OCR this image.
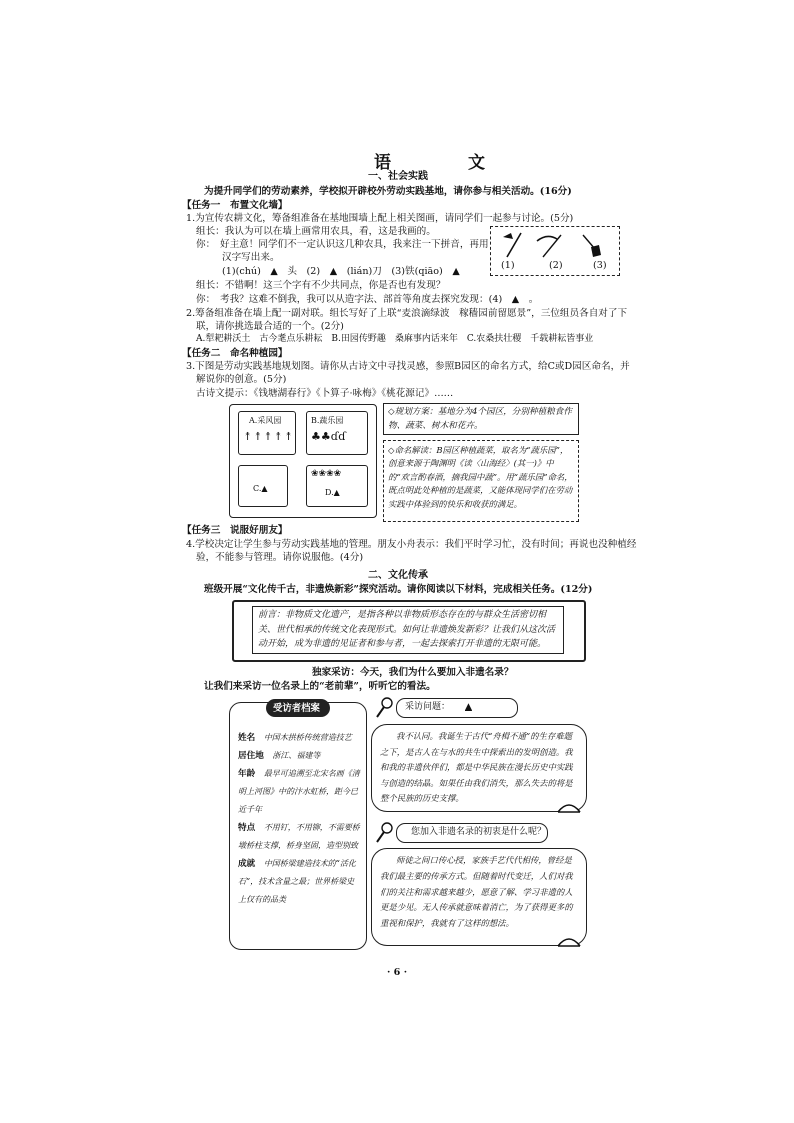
语　文
一、社会实践
为提升同学们的劳动素养，学校拟开辟校外劳动实践基地，请你参与相关活动。(16分)
【任务一　布置文化墙】
1.为宣传农耕文化，筹备组准备在基地围墙上配上相关图画，请同学们一起参与讨论。(5分)
组长：我认为可以在墙上画常用农具，看，这是我画的。
你：　好主意！同学们不一定认识这几种农具，我来注一下拼音，再用
汉字写出来。
(1)(chú)　▲　头　(2)　▲　(lián)刀　(3)铁(qiāo)　▲
组长：不错啊！这三个字有不少共同点，你是否也有发现？
你：　考我？这难不倒我，我可以从造字法、部首等角度去探究发现：(4)　▲　。
(1)	(2)	(3)
2.筹备组准备在墙上配一副对联。组长写好了上联“麦浪滴绿波　稼穑园前留愿景”，三位组员各自对了下
联，请你挑选最合适的一个。(2分)
A.犁耙耕沃土　古今耄点乐耕耘　B.田园传野趣　桑麻事内话来年　C.农桑扶壮稷　千载耕耘皆事业
【任务二　命名种植园】
3.下图是劳动实践基地规划图。请你从古诗文中寻找灵感，参照B园区的命名方式，给C或D园区命名，并
解说你的创意。(5分)
古诗文提示：《钱塘湖春行》《卜算子·咏梅》《桃花源记》……
A.采风园
↟↟↟↟↟
B.蔬乐园
♣♣ɗɗ
C.▲
❀❀❀❀
D.▲
◇规划方案：基地分为4个园区，分别种植粮食作物、蔬菜、树木和花卉。
◇命名解读：B园区种植蔬菜，取名为“蔬乐园”，创意来源于陶渊明《读〈山海经〉(其一)》中的“欢言酌春酒，摘我园中蔬”。用“蔬乐园”命名，既点明此处种植的是蔬菜，又能体现同学们在劳动实践中体验到的快乐和收获的满足。
【任务三　说服好朋友】
4.学校决定让学生参与劳动实践基地的管理。朋友小舟表示：我们平时学习忙，没有时间；再说也没种植经
验，不能参与管理。请你说服他。(4分)
二、文化传承
班级开展“文化传千古，非遗焕新彩”探究活动。请你阅读以下材料，完成相关任务。(12分)
前言：非物质文化遗产，是指各种以非物质形态存在的与群众生活密切相关、世代相承的传统文化表现形式。如何让非遗焕发新彩？让我们从这次活动开始，成为非遗的见证者和参与者，一起去探索打开非遗的无限可能。
独家采访：今天，我们为什么要加入非遗名录？
让我们来采访一位名录上的“老前辈”，听听它的看法。
受访者档案
姓名　 中国木拱桥传统营造技艺
居住地　 浙江、福建等
年龄　 最早可追溯至北宋名画《清明上河图》中的汴水虹桥，距今已近千年
特点　 不用钉，不用铆，不需要桥墩桥柱支撑，桥身坚固，造型别致
成就　 中国桥梁建造技术的“活化石”，技术含量之最；世界桥梁史上仅有的品类
采访问题： ▲
我不认同。我诞生于古代“舟楫不通”的生存难题之下，是古人在与水的共生中探索出的发明创造。我和我的非遗伙伴们，都是中华民族在漫长历史中实践与创造的结晶。如果任由我们消失，那么失去的将是整个民族的历史支撑。
您加入非遗名录的初衷是什么呢？
师徒之间口传心授，家族手艺代代相传，曾经是我们最主要的传承方式。但随着时代变迁，人们对我们的关注和需求越来越少，愿意了解、学习非遗的人更是少见。无人传承就意味着消亡，为了获得更多的重视和保护，我就有了这样的想法。
· 6 ·
